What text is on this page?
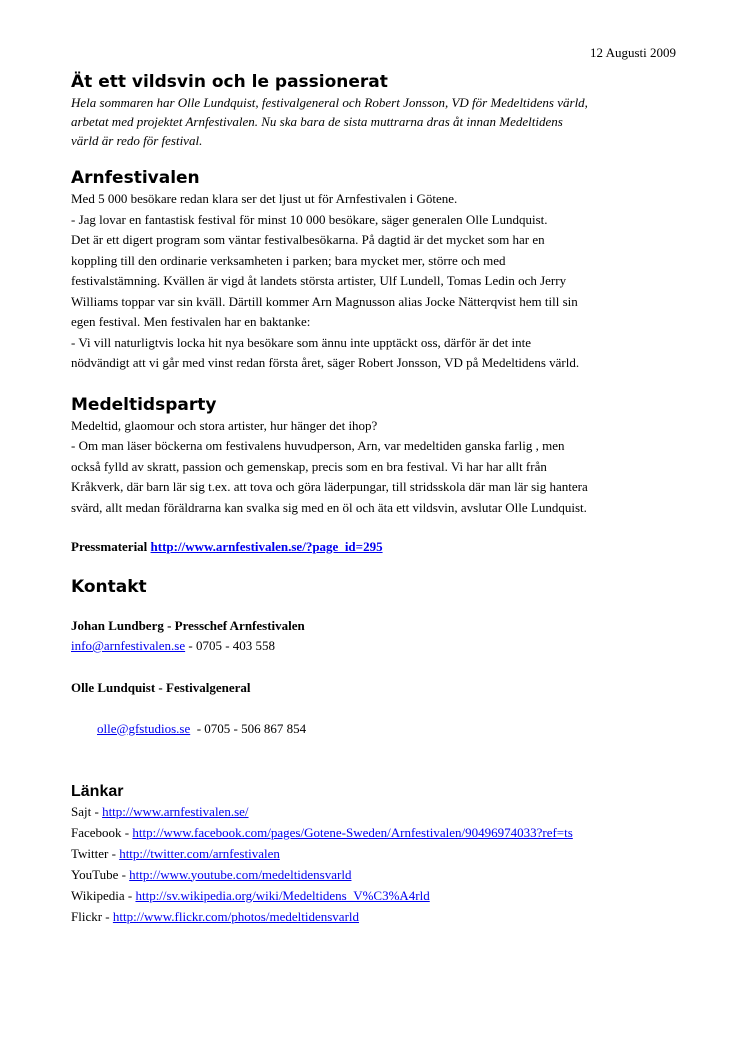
12 Augusti 2009
Ät ett vildsvin och le passionerat
Hela sommaren har Olle Lundquist, festivalgeneral och Robert Jonsson, VD för Medeltidens värld,
arbetat med projektet Arnfestivalen. Nu ska bara de sista muttrarna dras åt innan Medeltidens
värld är redo för festival.
Arnfestivalen
Med 5 000 besökare redan klara ser det ljust ut för Arnfestivalen i Götene.
- Jag lovar en fantastisk festival för minst 10 000 besökare, säger generalen Olle Lundquist.
Det är ett digert program som väntar festivalbesökarna. På dagtid är det mycket som har en
koppling till den ordinarie verksamheten i parken; bara mycket mer, större och med
festivalstämning. Kvällen är vigd åt landets största artister, Ulf Lundell, Tomas Ledin och Jerry
Williams toppar var sin kväll. Därtill kommer Arn Magnusson alias Jocke Nätterqvist hem till sin
egen festival. Men festivalen har en baktanke:
- Vi vill naturligtvis locka hit nya besökare som ännu inte upptäckt oss, därför är det inte
nödvändigt att vi går med vinst redan första året, säger Robert Jonsson, VD på Medeltidens värld.
Medeltidsparty
Medeltid, glaomour och stora artister, hur hänger det ihop?
- Om man läser böckerna om festivalens huvudperson, Arn, var medeltiden ganska farlig , men
också fylld av skratt, passion och gemenskap, precis som en bra festival. Vi har har allt från
Kråkverk, där barn lär sig t.ex. att tova och göra läderpungar, till stridsskola där man lär sig hantera
svärd, allt medan föräldrarna kan svalka sig med en öl och äta ett vildsvin, avslutar Olle Lundquist.
Pressmaterial http://www.arnfestivalen.se/?page_id=295
Kontakt
Johan Lundberg - Presschef Arnfestivalen
info@arnfestivalen.se - 0705 - 403 558
Olle Lundquist - Festivalgeneral

olle@gfstudios.se  - 0705 - 506 867 854

Länkar
Sajt - http://www.arnfestivalen.se/
Facebook - http://www.facebook.com/pages/Gotene-Sweden/Arnfestivalen/90496974033?ref=ts
Twitter - http://twitter.com/arnfestivalen
YouTube - http://www.youtube.com/medeltidensvarld
Wikipedia - http://sv.wikipedia.org/wiki/Medeltidens_V%C3%A4rld
Flickr - http://www.flickr.com/photos/medeltidensvarld
